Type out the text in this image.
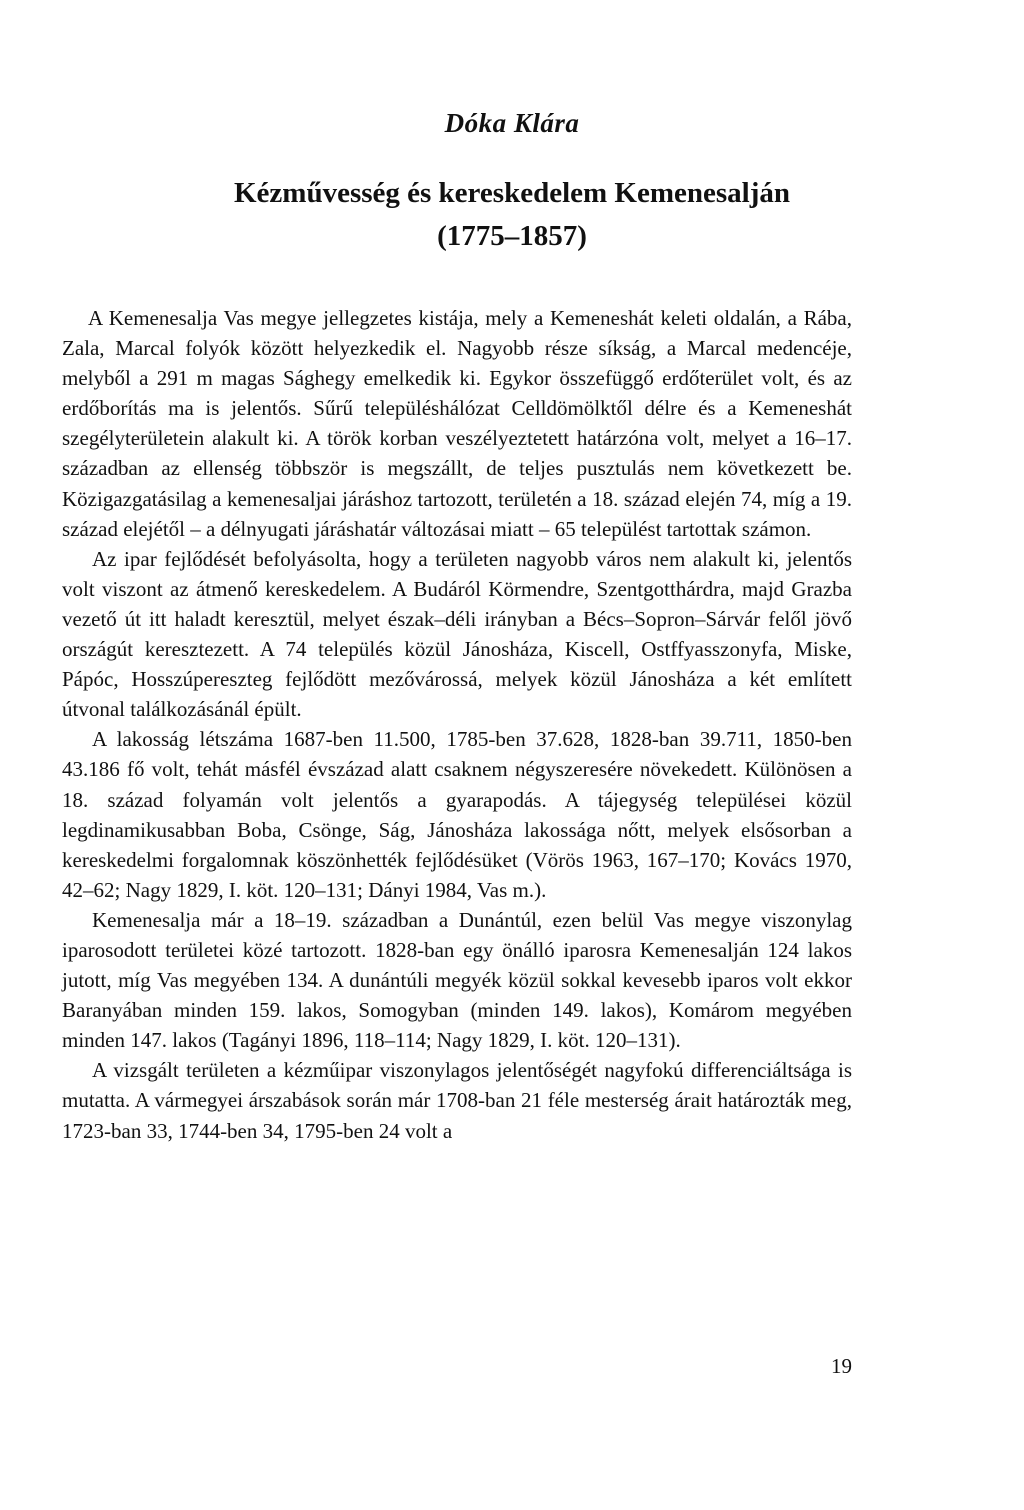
Dóka Klára
Kézművesség és kereskedelem Kemenesalján
(1775–1857)

A Kemenesalja Vas megye jellegzetes kistája, mely a Kemeneshát keleti oldalán, a Rába, Zala, Marcal folyók között helyezkedik el. Nagyobb része síkság, a Marcal medencéje, melyből a 291 m magas Sághegy emelkedik ki. Egykor összefüggő erdőterület volt, és az erdőborítás ma is jelentős. Sűrű településhálózat Celldömölktől délre és a Kemeneshát szegélyterületein alakult ki. A török korban veszélyeztetett határzóna volt, melyet a 16–17. században az ellenség többször is megszállt, de teljes pusztulás nem következett be. Közigazgatásilag a kemenesaljai járáshoz tartozott, területén a 18. század elején 74, míg a 19. század elejétől – a délnyugati járáshatár változásai miatt – 65 települést tartottak számon.

Az ipar fejlődését befolyásolta, hogy a területen nagyobb város nem alakult ki, jelentős volt viszont az átmenő kereskedelem. A Budáról Körmendre, Szentgotthárdra, majd Grazba vezető út itt haladt keresztül, melyet észak–déli irányban a Bécs–Sopron–Sárvár felől jövő országút keresztezett. A 74 település közül Jánosháza, Kiscell, Ostffyasszonyfa, Miske, Pápóc, Hosszúpereszteg fejlődött mezővárossá, melyek közül Jánosháza a két említett útvonal találkozásánál épült.

A lakosság létszáma 1687-ben 11.500, 1785-ben 37.628, 1828-ban 39.711, 1850-ben 43.186 fő volt, tehát másfél évszázad alatt csaknem négyszeresére növekedett. Különösen a 18. század folyamán volt jelentős a gyarapodás. A tájegység települései közül legdinamikusabban Boba, Csönge, Ság, Jánosháza lakossága nőtt, melyek elsősorban a kereskedelmi forgalomnak köszönhették fejlődésüket (Vörös 1963, 167–170; Kovács 1970, 42–62; Nagy 1829, I. köt. 120–131; Dányi 1984, Vas m.).

Kemenesalja már a 18–19. században a Dunántúl, ezen belül Vas megye viszonylag iparosodott területei közé tartozott. 1828-ban egy önálló iparosra Kemenesalján 124 lakos jutott, míg Vas megyében 134. A dunántúli megyék közül sokkal kevesebb iparos volt ekkor Baranyában minden 159. lakos, Somogyban (minden 149. lakos), Komárom megyében minden 147. lakos (Tagányi 1896, 118–114; Nagy 1829, I. köt. 120–131).

A vizsgált területen a kézműipar viszonylagos jelentőségét nagyfokú differenciáltsága is mutatta. A vármegyei árszabások során már 1708-ban 21 féle mesterség árait határozták meg, 1723-ban 33, 1744-ben 34, 1795-ben 24 volt a

19
